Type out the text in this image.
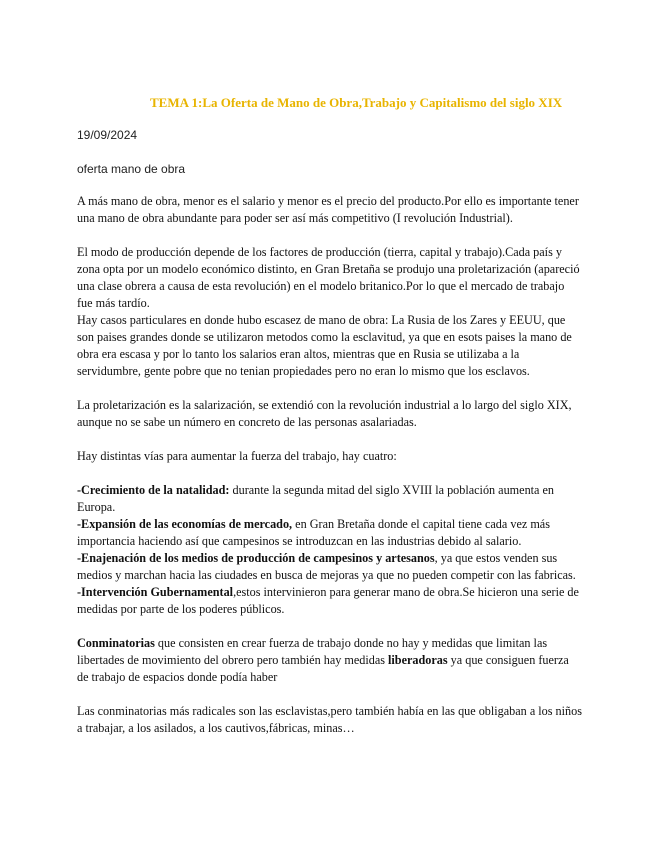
TEMA 1:La Oferta de Mano de Obra,Trabajo y Capitalismo del siglo XIX
19/09/2024
oferta mano de obra

A más mano de obra, menor es el salario y menor es el precio del producto.Por ello es importante tener una mano de obra abundante para poder ser así más competitivo (I revolución Industrial).

El modo de producción depende de los factores de producción (tierra, capital y trabajo).Cada país y zona opta por un modelo económico distinto, en Gran Bretaña se produjo una proletarización (apareció una clase obrera a causa de esta revolución) en el modelo britanico.Por lo que el mercado de trabajo fue más tardío.

Hay casos particulares en donde hubo escasez de mano de obra: La Rusia de los Zares y EEUU, que son paises grandes donde se utilizaron metodos como la esclavitud, ya que en esots paises la mano de obra era escasa y por lo tanto los salarios eran altos, mientras que en Rusia se utilizaba a la servidumbre, gente pobre que no tenian propiedades pero no eran lo mismo que los esclavos.

La proletarización es la salarización, se extendió con la revolución industrial a lo largo del siglo XIX, aunque no se sabe un número en concreto de las personas asalariadas.

Hay distintas vías para aumentar la fuerza del trabajo, hay cuatro:

-Crecimiento de la natalidad: durante la segunda mitad del siglo XVIII la población aumenta en Europa.

-Expansión de las economías de mercado, en Gran Bretaña donde el capital tiene cada vez más importancia haciendo así que campesinos se introduzcan en las industrias debido al salario.

-Enajenación de los medios de producción de campesinos y artesanos, ya que estos venden sus medios y marchan hacia las ciudades en busca de mejoras ya que no pueden competir con las fabricas.

-Intervención Gubernamental,estos intervinieron para generar mano de obra.Se hicieron una serie de medidas por parte de los poderes públicos.

Conminatorias que consisten en crear fuerza de trabajo donde no hay y medidas que limitan las libertades de movimiento del obrero pero también hay medidas liberadoras ya que consiguen fuerza de trabajo de espacios donde podía haber

Las conminatorias más radicales son las esclavistas,pero también había en las que obligaban a los niños a trabajar, a los asilados, a los cautivos,fábricas, minas…
